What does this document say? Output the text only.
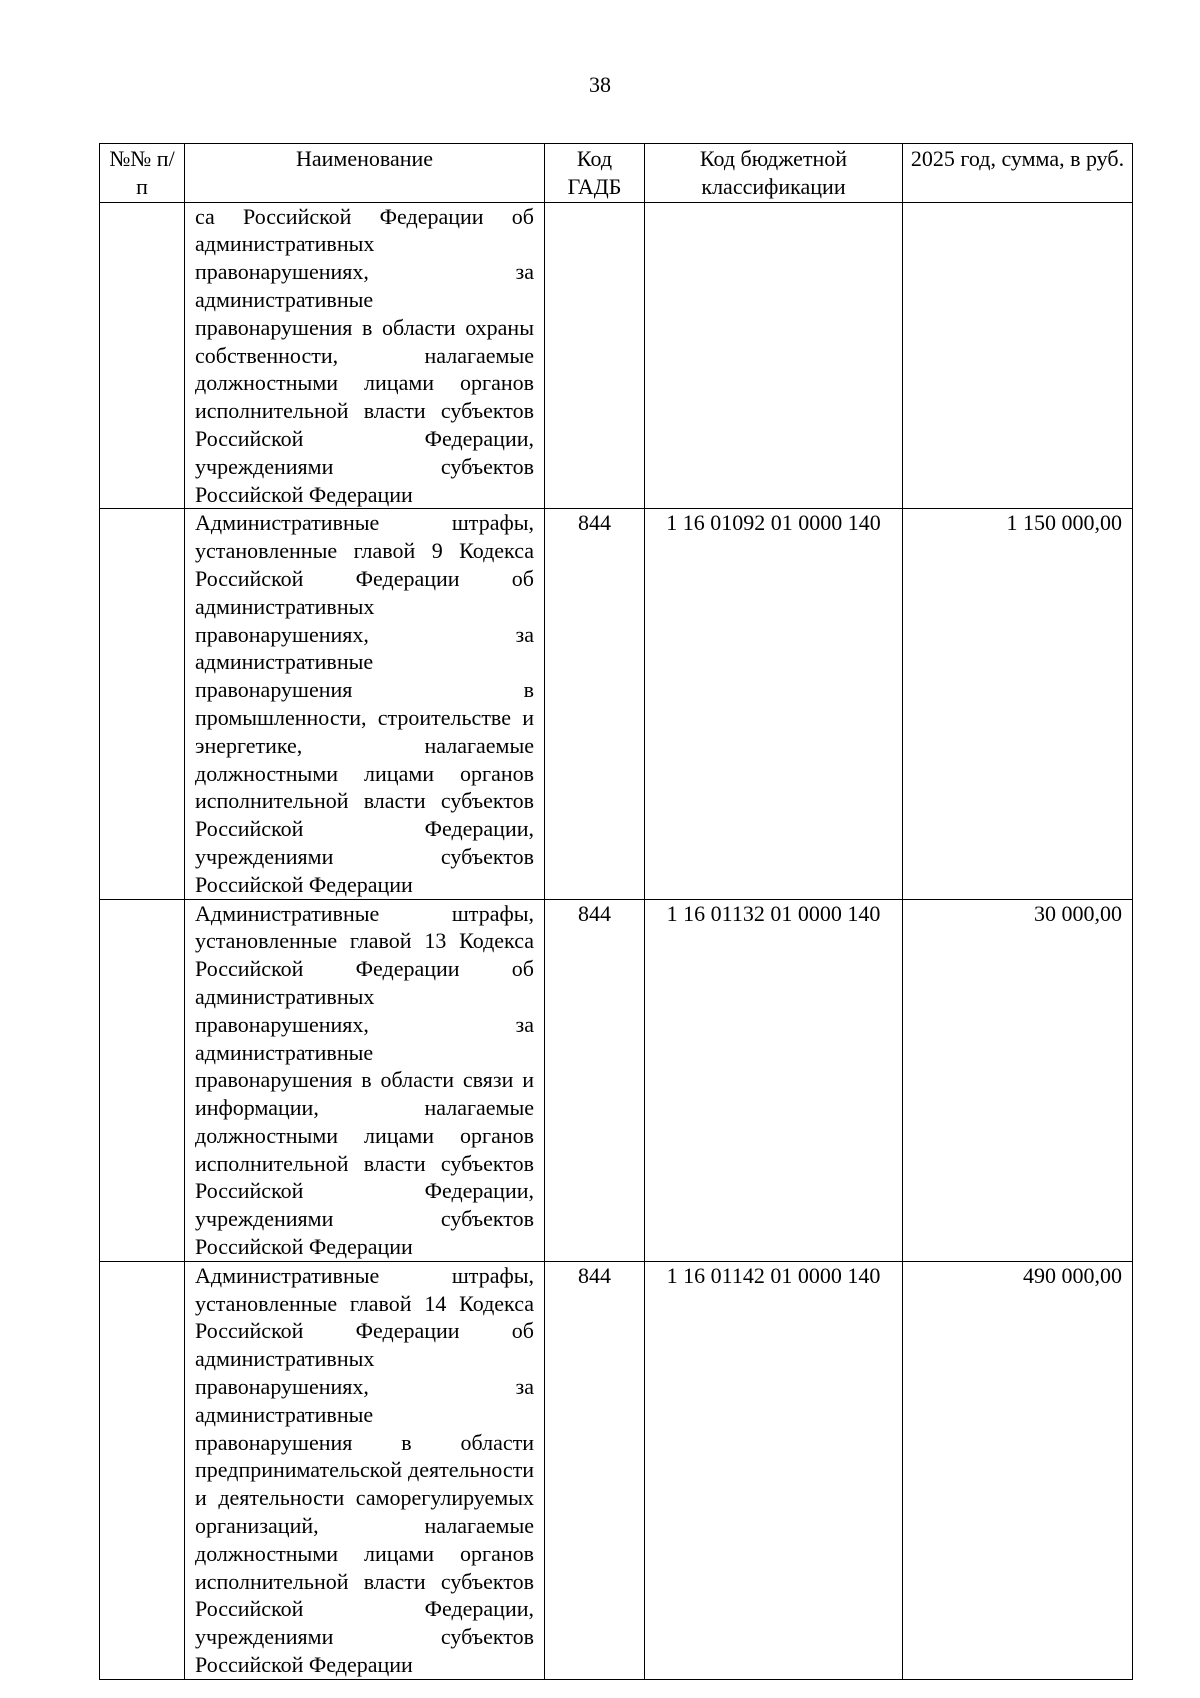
38
№№ п/п	Наименование	Код ГАДБ	Код бюджетной классификации	2025 год, сумма, в руб.
	са Российской Федерации об административных правонарушениях, за административные правонарушения в области охраны собственности, налагаемые должностными лицами органов исполнительной власти субъектов Российской Федерации, учреждениями субъектов Российской Федерации			
	Административные штрафы, установленные главой 9 Кодекса Российской Федерации об административных правонарушениях, за административные правонарушения в промышленности, строительстве и энергетике, налагаемые должностными лицами органов исполнительной власти субъектов Российской Федерации, учреждениями субъектов Российской Федерации	844	1 16 01092 01 0000 140	1 150 000,00
	Административные штрафы, установленные главой 13 Кодекса Российской Федерации об административных правонарушениях, за административные правонарушения в области связи и информации, налагаемые должностными лицами органов исполнительной власти субъектов Российской Федерации, учреждениями субъектов Российской Федерации	844	1 16 01132 01 0000 140	30 000,00
	Административные штрафы, установленные главой 14 Кодекса Российской Федерации об административных правонарушениях, за административные правонарушения в области предпринимательской деятельности и деятельности саморегулируемых организаций, налагаемые должностными лицами органов исполнительной власти субъектов Российской Федерации, учреждениями субъектов Российской Федерации	844	1 16 01142 01 0000 140	490 000,00
